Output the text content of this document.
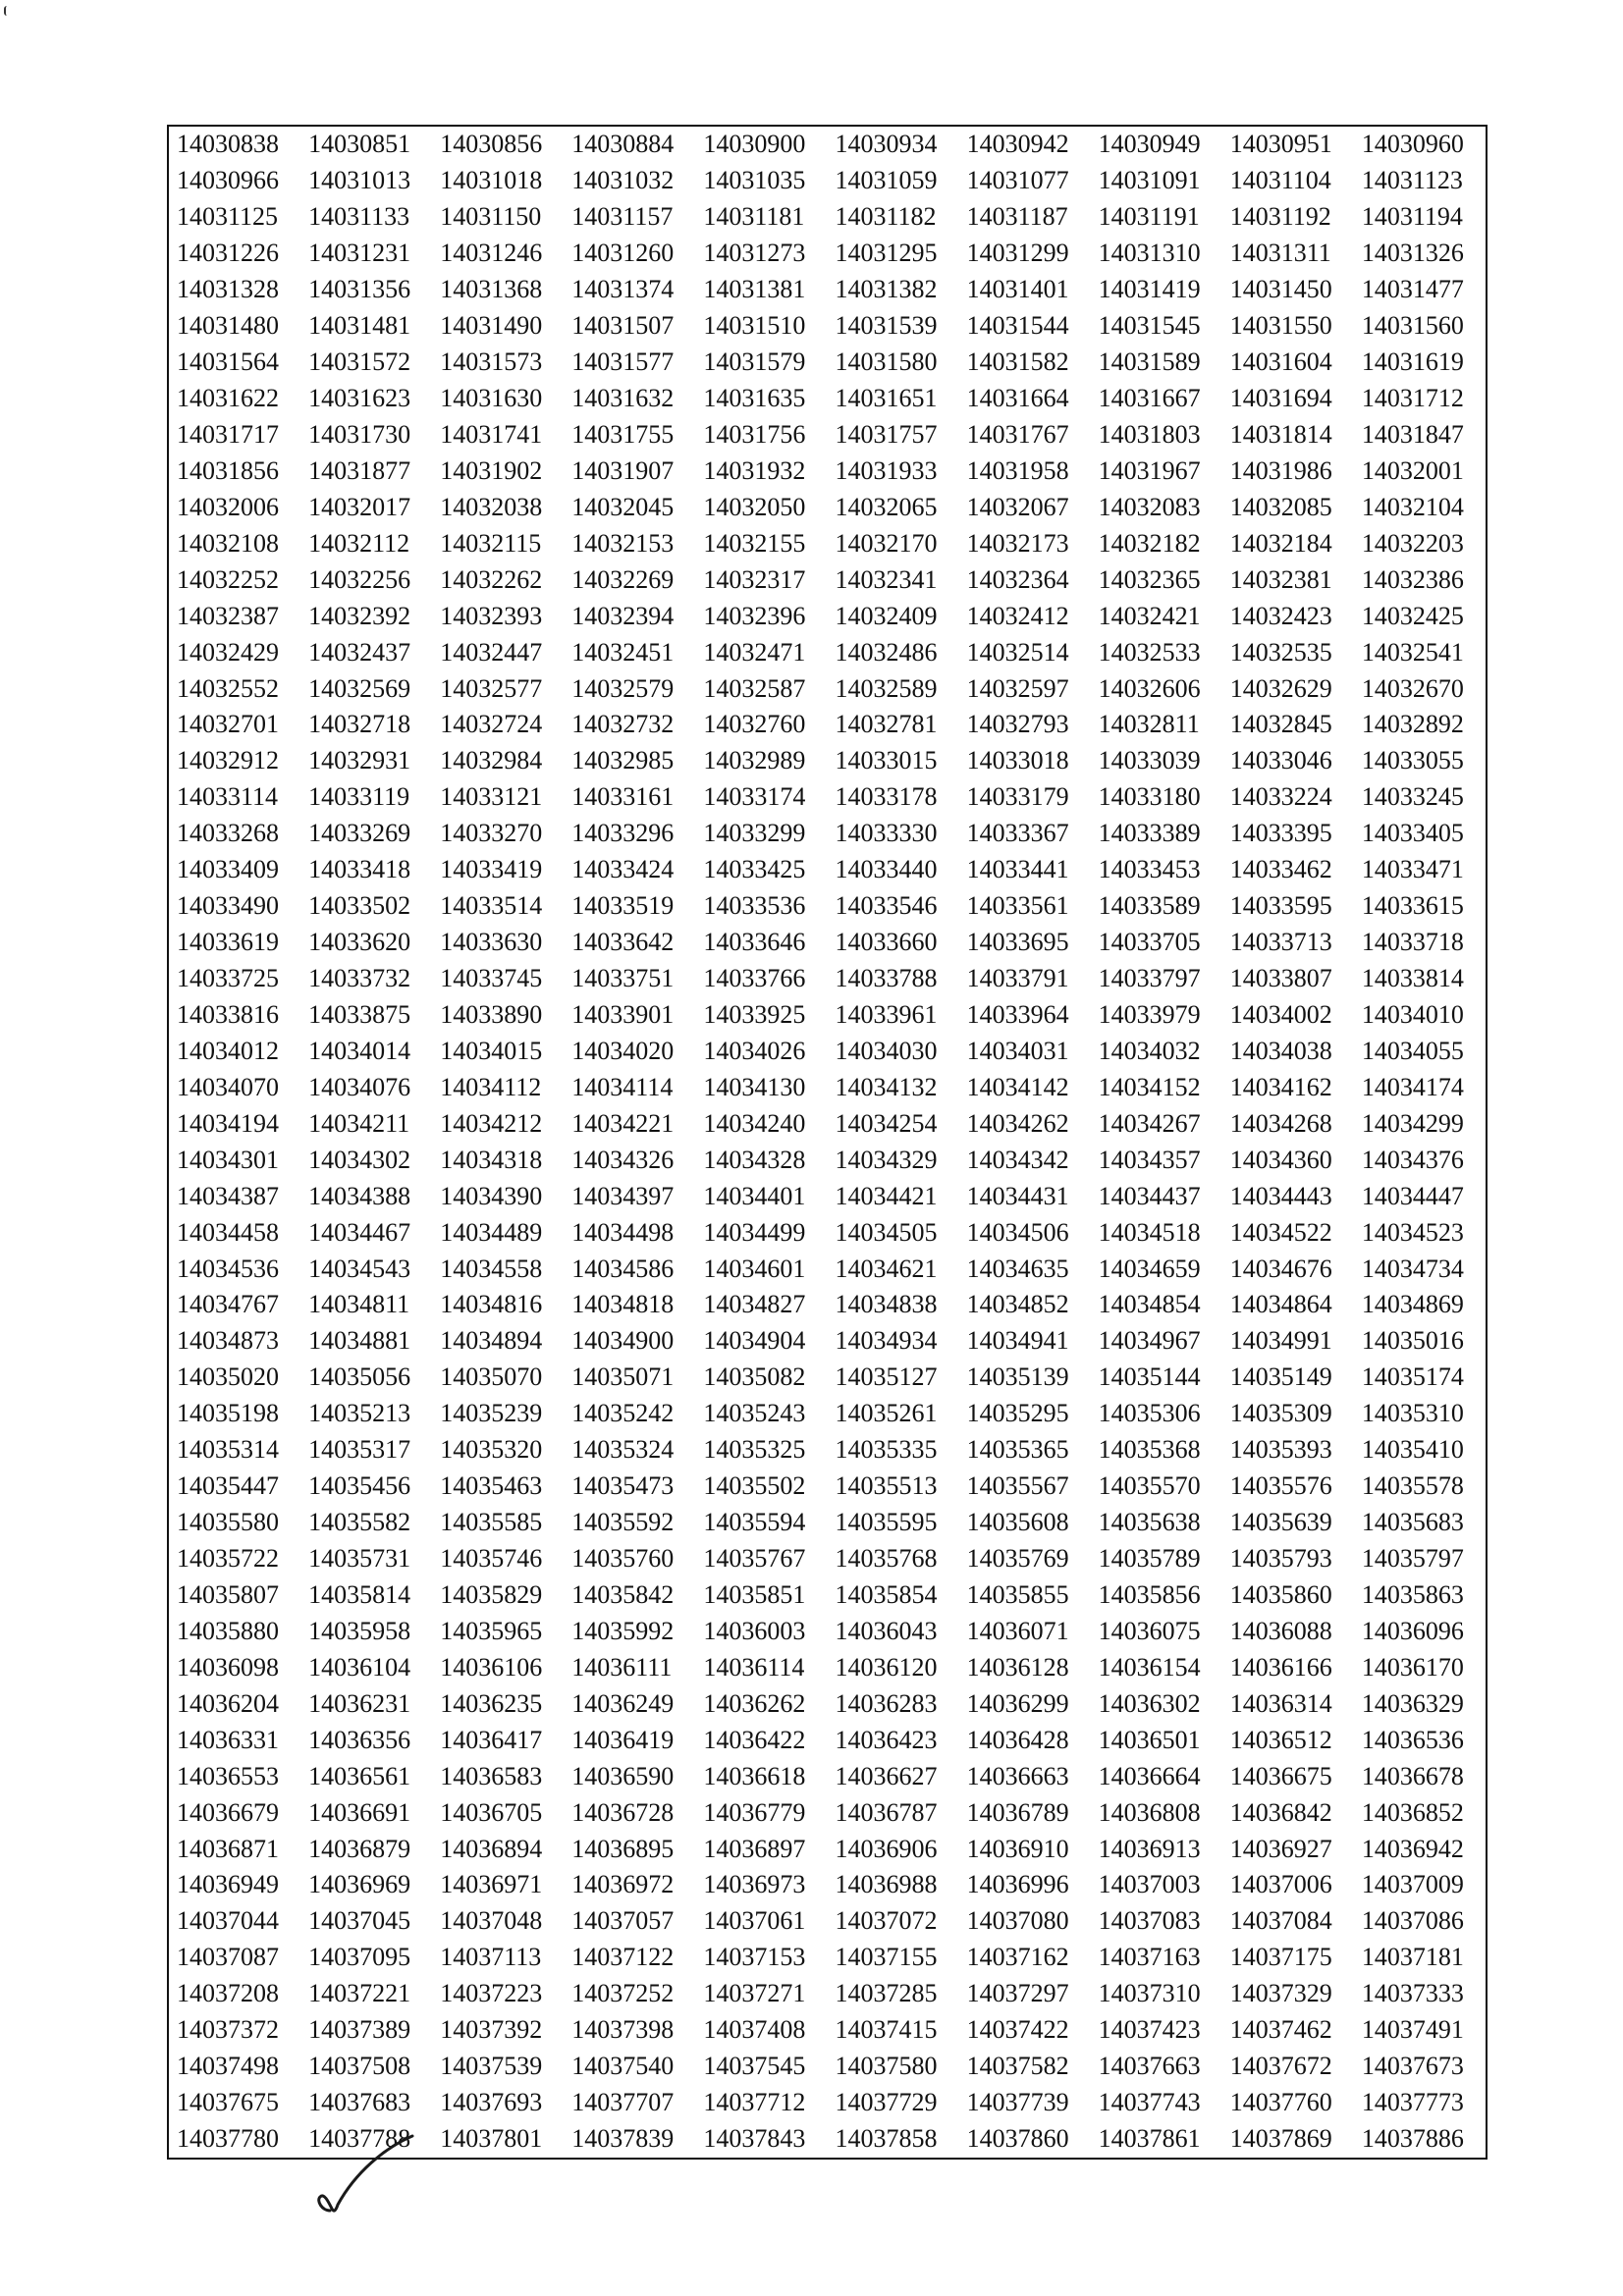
14030838	14030851	14030856	14030884	14030900	14030934	14030942	14030949	14030951	14030960
14030966	14031013	14031018	14031032	14031035	14031059	14031077	14031091	14031104	14031123
14031125	14031133	14031150	14031157	14031181	14031182	14031187	14031191	14031192	14031194
14031226	14031231	14031246	14031260	14031273	14031295	14031299	14031310	14031311	14031326
14031328	14031356	14031368	14031374	14031381	14031382	14031401	14031419	14031450	14031477
14031480	14031481	14031490	14031507	14031510	14031539	14031544	14031545	14031550	14031560
14031564	14031572	14031573	14031577	14031579	14031580	14031582	14031589	14031604	14031619
14031622	14031623	14031630	14031632	14031635	14031651	14031664	14031667	14031694	14031712
14031717	14031730	14031741	14031755	14031756	14031757	14031767	14031803	14031814	14031847
14031856	14031877	14031902	14031907	14031932	14031933	14031958	14031967	14031986	14032001
14032006	14032017	14032038	14032045	14032050	14032065	14032067	14032083	14032085	14032104
14032108	14032112	14032115	14032153	14032155	14032170	14032173	14032182	14032184	14032203
14032252	14032256	14032262	14032269	14032317	14032341	14032364	14032365	14032381	14032386
14032387	14032392	14032393	14032394	14032396	14032409	14032412	14032421	14032423	14032425
14032429	14032437	14032447	14032451	14032471	14032486	14032514	14032533	14032535	14032541
14032552	14032569	14032577	14032579	14032587	14032589	14032597	14032606	14032629	14032670
14032701	14032718	14032724	14032732	14032760	14032781	14032793	14032811	14032845	14032892
14032912	14032931	14032984	14032985	14032989	14033015	14033018	14033039	14033046	14033055
14033114	14033119	14033121	14033161	14033174	14033178	14033179	14033180	14033224	14033245
14033268	14033269	14033270	14033296	14033299	14033330	14033367	14033389	14033395	14033405
14033409	14033418	14033419	14033424	14033425	14033440	14033441	14033453	14033462	14033471
14033490	14033502	14033514	14033519	14033536	14033546	14033561	14033589	14033595	14033615
14033619	14033620	14033630	14033642	14033646	14033660	14033695	14033705	14033713	14033718
14033725	14033732	14033745	14033751	14033766	14033788	14033791	14033797	14033807	14033814
14033816	14033875	14033890	14033901	14033925	14033961	14033964	14033979	14034002	14034010
14034012	14034014	14034015	14034020	14034026	14034030	14034031	14034032	14034038	14034055
14034070	14034076	14034112	14034114	14034130	14034132	14034142	14034152	14034162	14034174
14034194	14034211	14034212	14034221	14034240	14034254	14034262	14034267	14034268	14034299
14034301	14034302	14034318	14034326	14034328	14034329	14034342	14034357	14034360	14034376
14034387	14034388	14034390	14034397	14034401	14034421	14034431	14034437	14034443	14034447
14034458	14034467	14034489	14034498	14034499	14034505	14034506	14034518	14034522	14034523
14034536	14034543	14034558	14034586	14034601	14034621	14034635	14034659	14034676	14034734
14034767	14034811	14034816	14034818	14034827	14034838	14034852	14034854	14034864	14034869
14034873	14034881	14034894	14034900	14034904	14034934	14034941	14034967	14034991	14035016
14035020	14035056	14035070	14035071	14035082	14035127	14035139	14035144	14035149	14035174
14035198	14035213	14035239	14035242	14035243	14035261	14035295	14035306	14035309	14035310
14035314	14035317	14035320	14035324	14035325	14035335	14035365	14035368	14035393	14035410
14035447	14035456	14035463	14035473	14035502	14035513	14035567	14035570	14035576	14035578
14035580	14035582	14035585	14035592	14035594	14035595	14035608	14035638	14035639	14035683
14035722	14035731	14035746	14035760	14035767	14035768	14035769	14035789	14035793	14035797
14035807	14035814	14035829	14035842	14035851	14035854	14035855	14035856	14035860	14035863
14035880	14035958	14035965	14035992	14036003	14036043	14036071	14036075	14036088	14036096
14036098	14036104	14036106	14036111	14036114	14036120	14036128	14036154	14036166	14036170
14036204	14036231	14036235	14036249	14036262	14036283	14036299	14036302	14036314	14036329
14036331	14036356	14036417	14036419	14036422	14036423	14036428	14036501	14036512	14036536
14036553	14036561	14036583	14036590	14036618	14036627	14036663	14036664	14036675	14036678
14036679	14036691	14036705	14036728	14036779	14036787	14036789	14036808	14036842	14036852
14036871	14036879	14036894	14036895	14036897	14036906	14036910	14036913	14036927	14036942
14036949	14036969	14036971	14036972	14036973	14036988	14036996	14037003	14037006	14037009
14037044	14037045	14037048	14037057	14037061	14037072	14037080	14037083	14037084	14037086
14037087	14037095	14037113	14037122	14037153	14037155	14037162	14037163	14037175	14037181
14037208	14037221	14037223	14037252	14037271	14037285	14037297	14037310	14037329	14037333
14037372	14037389	14037392	14037398	14037408	14037415	14037422	14037423	14037462	14037491
14037498	14037508	14037539	14037540	14037545	14037580	14037582	14037663	14037672	14037673
14037675	14037683	14037693	14037707	14037712	14037729	14037739	14037743	14037760	14037773
14037780	14037788	14037801	14037839	14037843	14037858	14037860	14037861	14037869	14037886
